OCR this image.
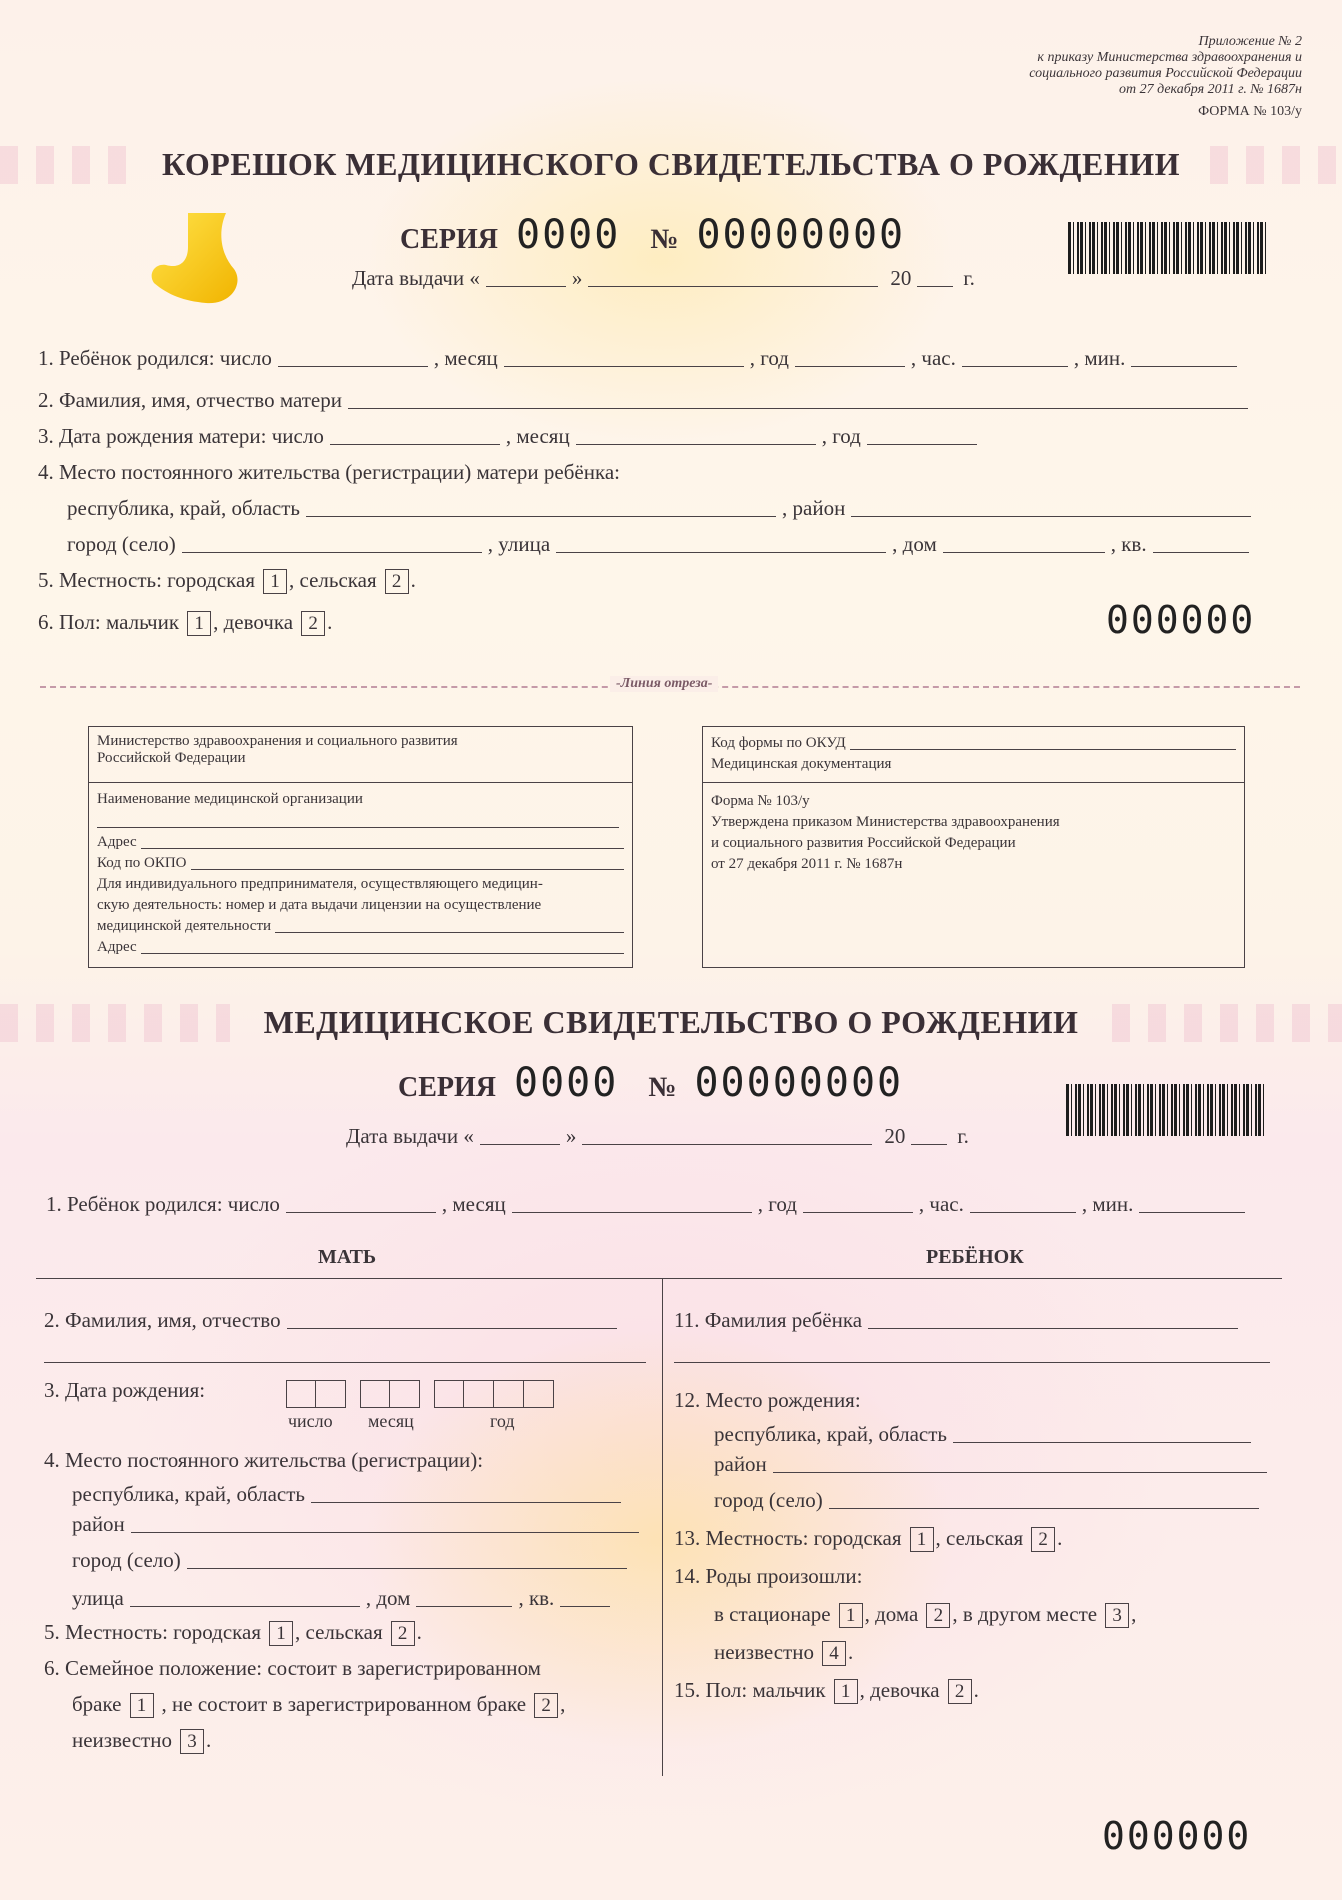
Приложение № 2
к приказу Министерства здравоохранения и
социального развития Российской Федерации
от 27 декабря 2011 г. № 1687н
ФОРМА № 103/у
КОРЕШОК МЕДИЦИНСКОГО СВИДЕТЕЛЬСТВА О РОЖДЕНИИ
СЕРИЯ 0000 № 00000000
Дата выдачи «	»	20 г.
1. Ребёнок родился: число	, месяц	, год	, час.	, мин.
2. Фамилия, имя, отчество матери
3. Дата рождения матери: число	, месяц	, год
4. Место постоянного жительства (регистрации) матери ребёнка:
республика, край, область	, район
город (село)	, улица	, дом	, кв.
5. Местность: городская 1 , сельская 2 .
6. Пол: мальчик 1 , девочка 2 .	000000
-Линия отреза-
Министерство здравоохранения и социального развития
Российской Федерации
Наименование медицинской организации
Адрес
Код по ОКПО
Для индивидуального предпринимателя, осуществляющего медицин-
скую деятельность: номер и дата выдачи лицензии на осуществление
медицинской деятельности
Адрес
Код формы по ОКУД
Медицинская документация
Форма № 103/у
Утверждена приказом Министерства здравоохранения
и социального развития Российской Федерации
от 27 декабря 2011 г. № 1687н
МЕДИЦИНСКОЕ СВИДЕТЕЛЬСТВО О РОЖДЕНИИ
СЕРИЯ 0000 № 00000000
Дата выдачи «	»	20 г.
1. Ребёнок родился: число	, месяц	, год	, час.	, мин.
МАТЬ	РЕБЁНОК
2. Фамилия, имя, отчество
3. Дата рождения:
число месяц	год
4. Место постоянного жительства (регистрации):
республика, край, область
район
город (село)
улица	, дом	, кв.
5. Местность: городская 1 , сельская 2 .
6. Семейное положение: состоит в зарегистрированном
браке 1 , не состоит в зарегистрированном браке 2 ,
неизвестно 3 .
11. Фамилия ребёнка
12. Место рождения:
республика, край, область
район
город (село)
13. Местность: городская 1 , сельская 2 .
14. Роды произошли:
в стационаре 1 , дома 2 , в другом месте 3 ,
неизвестно 4 .
15. Пол: мальчик 1 , девочка 2 .
000000
